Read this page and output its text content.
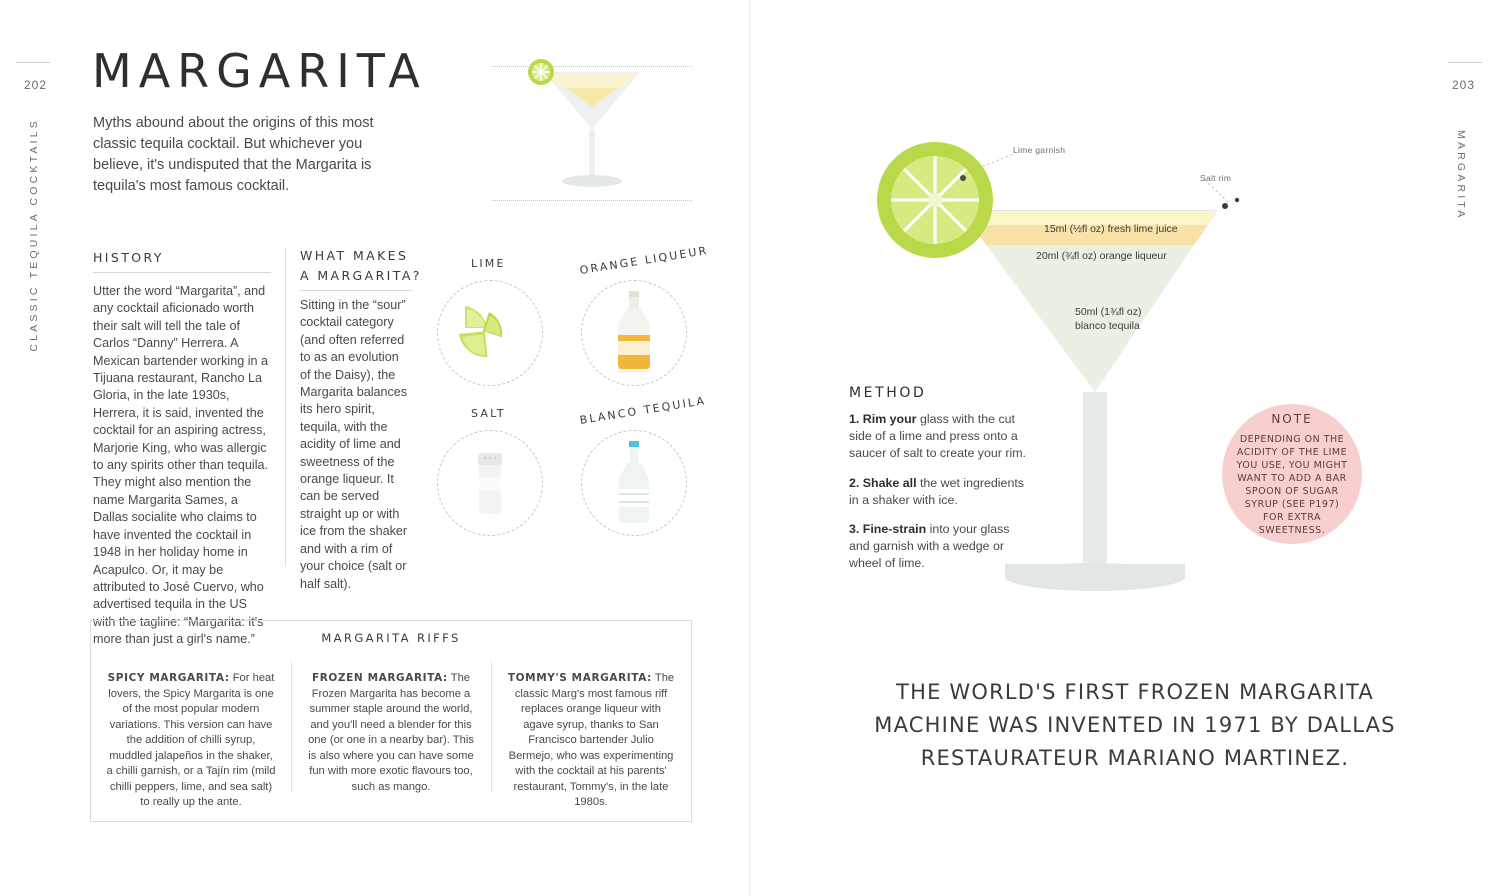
202
CLASSIC TEQUILA COCKTAILS
203
MARGARITA
MARGARITA
Myths abound about the origins of this most classic tequila cocktail. But whichever you believe, it's undisputed that the Margarita is tequila's most famous cocktail.
HISTORY
Utter the word “Margarita”, and any cocktail aficionado worth their salt will tell the tale of Carlos “Danny” Herrera. A Mexican bartender working in a Tijuana restaurant, Rancho La Gloria, in the late 1930s, Herrera, it is said, invented the cocktail for an aspiring actress, Marjorie King, who was allergic to any spirits other than tequila. They might also mention the name Margarita Sames, a Dallas socialite who claims to have invented the cocktail in 1948 in her holiday home in Acapulco. Or, it may be attributed to José Cuervo, who advertised tequila in the US with the tagline: “Margarita: it's more than just a girl's name.”
WHAT MAKES
A MARGARITA?
Sitting in the “sour” cocktail category (and often referred to as an evolution of the Daisy), the Margarita balances its hero spirit, tequila, with the acidity of lime and sweetness of the orange liqueur. It can be served straight up or with ice from the shaker and with a rim of your choice (salt or half salt).
LIME	ORANGE LIQUEUR
SALT	BLANCO TEQUILA
MARGARITA RIFFS
SPICY MARGARITA: For heat lovers, the Spicy Margarita is one of the most popular modern variations. This version can have the addition of chilli syrup, muddled jalapeños in the shaker, a chilli garnish, or a Tajín rim (mild chilli peppers, lime, and sea salt) to really up the ante.
FROZEN MARGARITA: The Frozen Margarita has become a summer staple around the world, and you'll need a blender for this one (or one in a nearby bar). This is also where you can have some fun with more exotic flavours too, such as mango.
TOMMY'S MARGARITA: The classic Marg's most famous riff replaces orange liqueur with agave syrup, thanks to San Francisco bartender Julio Bermejo, who was experimenting with the cocktail at his parents' restaurant, Tommy's, in the late 1980s.
Lime garnish
Salt rim
15ml (½fl oz) fresh lime juice
20ml (¾fl oz) orange liqueur
50ml (1¾fl oz)
blanco tequila
METHOD
1. Rim your glass with the cut side of a lime and press onto a saucer of salt to create your rim.
2. Shake all the wet ingredients in a shaker with ice.
3. Fine-strain into your glass and garnish with a wedge or wheel of lime.
NOTE
DEPENDING ON THE ACIDITY OF THE LIME YOU USE, YOU MIGHT WANT TO ADD A BAR SPOON OF SUGAR SYRUP (SEE P197) FOR EXTRA SWEETNESS.
THE WORLD'S FIRST FROZEN MARGARITA MACHINE WAS INVENTED IN 1971 BY DALLAS RESTAURATEUR MARIANO MARTINEZ.
